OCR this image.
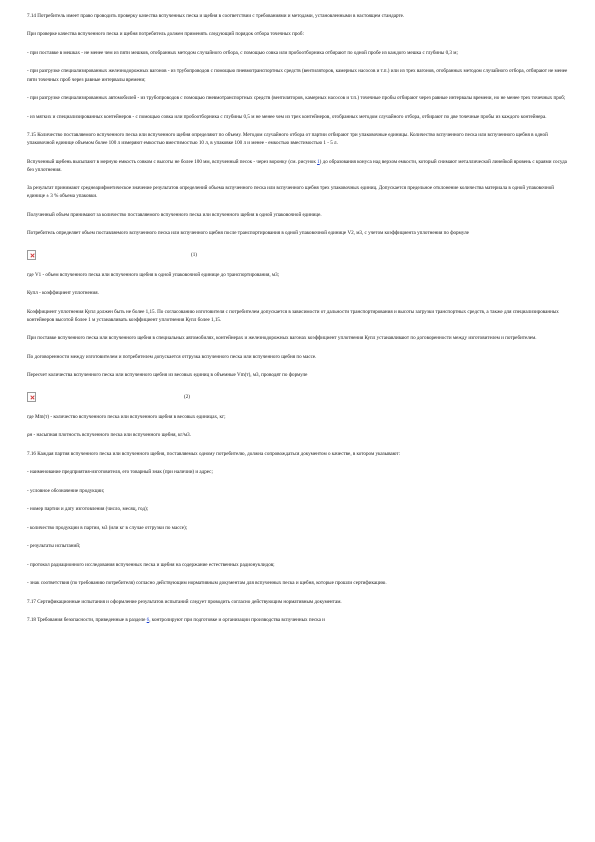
7.14 Потребитель имеет право проводить проверку качества вспученных песка и щебня в соответствии с требованиями и методами, установленными в настоящем стандарте.

При проверке качества вспученного песка и щебня потребитель должен применять следующий порядок отбора точечных проб:

- при поставке в мешках - не менее чем из пяти мешков, отобранных методом случайного отбора, с помощью совка или пробоотборника отбирают по одной пробе из каждого мешка с глубины 0,3 м;

- при разгрузке специализированных железнодорожных вагонов - из трубопроводов с помощью пневмотранспортных средств (вентиляторов, камерных насосов и т.п.) или из трех вагонов, отобранных методом случайного отбора, отбирают не менее пяти точечных проб через равные интервалы времени;

- при разгрузке специализированных автомобилей - из трубопроводов с помощью пневмотранспортных средств (вентиляторов, камерных насосов и т.п.) точечные пробы отбирают через равные интервалы времени, но не менее трех точечных проб;

- из мягких и специализированных контейнеров - с помощью совка или пробоотборника с глубины 0,5 м не менее чем из трех контейнеров, отобранных методом случайного отбора, отбирают по две точечные пробы из каждого контейнера.

7.15 Количество поставляемого вспученного песка или вспученного щебня определяют по объему. Методом случайного отбора от партии отбирают три упаковочные единицы. Количество вспученного песка или вспученного щебня в одной упаковочной единице объемом более 100 л измеряют емкостью вместимостью 10 л, в упаковке 100 л и менее - емкостью вместимостью 1 - 5 л.

Вспученный щебень высыпают в мерную емкость совком с высоты не более 100 мм, вспученный песок - через воронку (см. рисунок 1) до образования конуса над верхом емкости, который снимают металлической линейкой вровень с краями сосуда без уплотнения.

За результат принимают среднеарифметическое значение результатов определений объема вспученного песка или вспученного щебня трех упаковочных единиц. Допускается предельное отклонение количества материала в одной упаковочной единице ± 3 % объема упаковки.

Полученный объем принимают за количество поставляемого вспученного песка или вспученного щебня в одной упаковочной единице.

Потребитель определяет объем поставляемого вспученного песка или вспученного щебня после транспортирования в одной упаковочной единице V2, м3, с учетом коэффициента уплотнения по формуле

(1)

где V1 - объем вспученного песка или вспученного щебня в одной упаковочной единице до транспортирования, м3;

Купл - коэффициент уплотнения.

Коэффициент уплотнения Купл должен быть не более 1,15. По согласованию изготовителя с потребителем допускается в зависимости от дальности транспортирования и высоты загрузки транспортных средств, а также для специализированных контейнеров высотой более 1 м устанавливать коэффициент уплотнения Купл более 1,15.

При поставке вспученного песка или вспученного щебня в специальных автомобилях, контейнерах и железнодорожных вагонах коэффициент уплотнения Купл устанавливают по договоренности между изготовителем и потребителем.

По договоренности между изготовителем и потребителем допускается отгрузка вспученного песка или вспученного щебня по массе.

Пересчет количества вспученного песка или вспученного щебня из весовых единиц в объемные Vm(т), м3, проводят по формуле

(2)

где Mm(т) - количество вспученного песка или вспученного щебня в весовых единицах, кг;

ρн - насыпная плотность вспученного песка или вспученного щебня, кг/м3.

7.16 Каждая партия вспученного песка или вспученного щебня, поставляемых одному потребителю, должна сопровождаться документом о качестве, в котором указывают:

- наименование предприятия-изготовителя, его товарный знак (при наличии) и адрес;

- условное обозначение продукции;

- номер партии и дату изготовления (число, месяц, год);

- количество продукции в партии, м3 (или кг в случае отгрузки по массе);

- результаты испытаний;

- протокол радиационного исследования вспученных песка и щебня на содержание естественных радионуклидов;

- знак соответствия (по требованию потребителя) согласно действующим нормативным документам для вспученных песка и щебня, которые прошли сертификацию.

7.17 Сертификационные испытания и оформление результатов испытаний следует проводить согласно действующим нормативным документам.

7.18 Требования безопасности, приведенные в разделе 6, контролируют при подготовке и организации производства вспученных песка и
